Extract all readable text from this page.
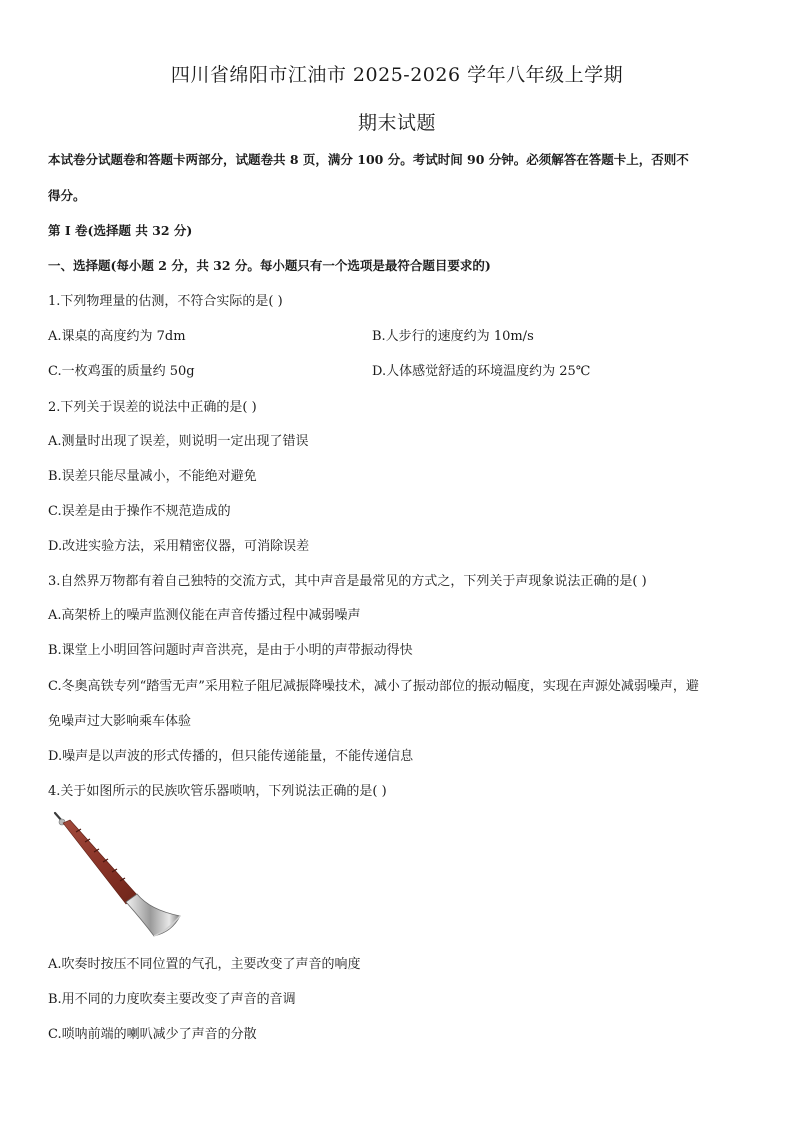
四川省绵阳市江油市 2025-2026 学年八年级上学期
期末试题
本试卷分试题卷和答题卡两部分，试题卷共 8 页，满分 100 分。考试时间 90 分钟。必须解答在答题卡上，否则不
得分。
第 I 卷(选择题 共 32 分)
一、选择题(每小题 2 分，共 32 分。每小题只有一个选项是最符合题目要求的)
1.下列物理量的估测，不符合实际的是( )
A.课桌的高度约为 7dm	B.人步行的速度约为 10m/s
C.一枚鸡蛋的质量约 50g	D.人体感觉舒适的环境温度约为 25℃
2.下列关于误差的说法中正确的是( )
A.测量时出现了误差，则说明一定出现了错误
B.误差只能尽量减小，不能绝对避免
C.误差是由于操作不规范造成的
D.改进实验方法，采用精密仪器，可消除误差
3.自然界万物都有着自己独特的交流方式，其中声音是最常见的方式之，下列关于声现象说法正确的是( )
A.高架桥上的噪声监测仪能在声音传播过程中减弱噪声
B.课堂上小明回答问题时声音洪亮，是由于小明的声带振动得快
C.冬奥高铁专列“踏雪无声”采用粒子阻尼减振降噪技术，减小了振动部位的振动幅度，实现在声源处减弱噪声，避
免噪声过大影响乘车体验
D.噪声是以声波的形式传播的，但只能传递能量，不能传递信息
4.关于如图所示的民族吹管乐器唢呐，下列说法正确的是( )
A.吹奏时按压不同位置的气孔，主要改变了声音的响度
B.用不同的力度吹奏主要改变了声音的音调
C.唢呐前端的喇叭减少了声音的分散
